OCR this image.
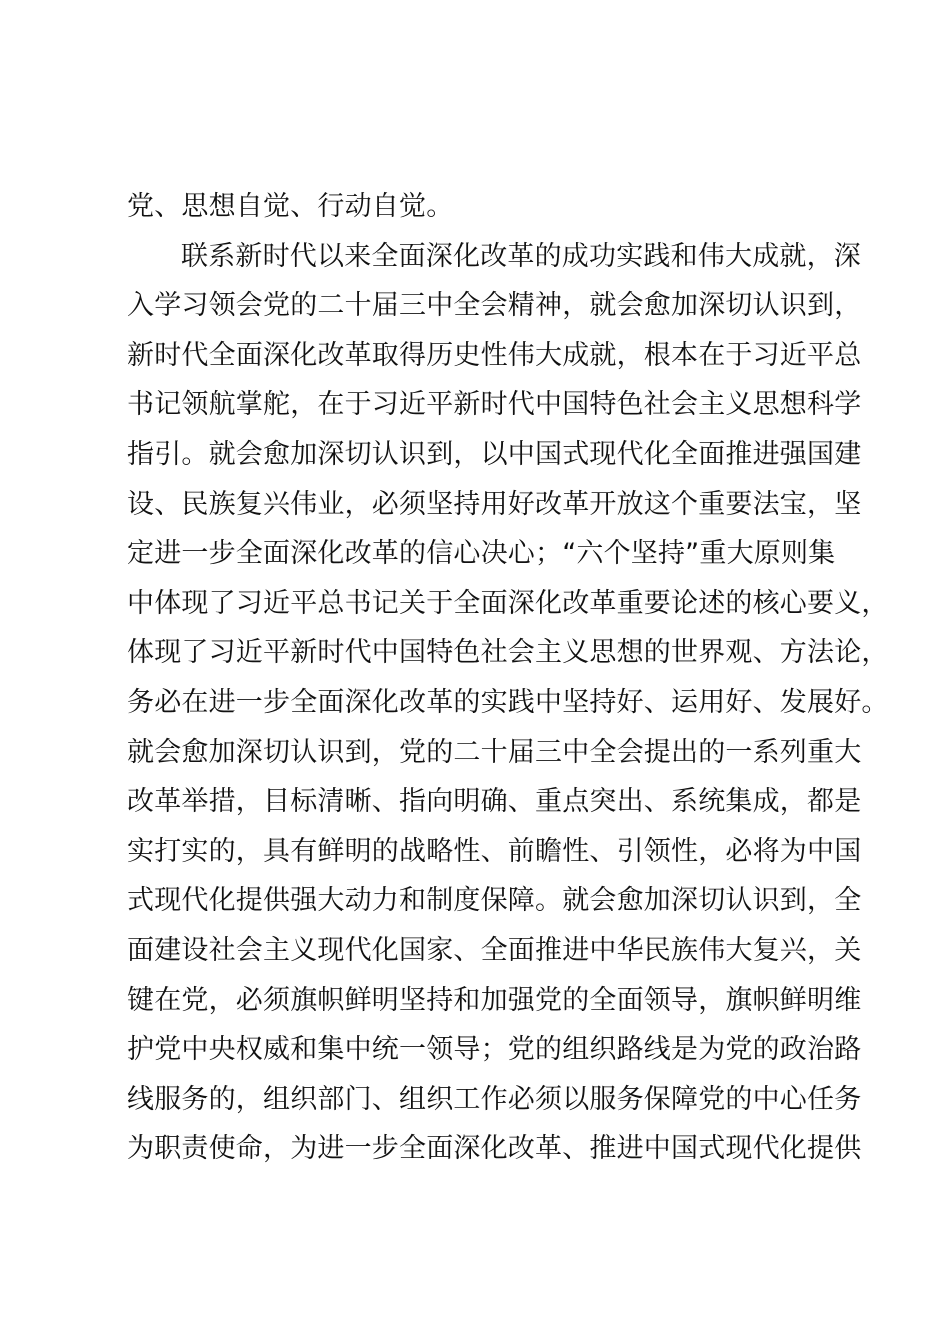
党、思想自觉、行动自觉。
联系新时代以来全面深化改革的成功实践和伟大成就，深
入学习领会党的二十届三中全会精神，就会愈加深切认识到，
新时代全面深化改革取得历史性伟大成就，根本在于习近平总
书记领航掌舵，在于习近平新时代中国特色社会主义思想科学
指引。就会愈加深切认识到，以中国式现代化全面推进强国建
设、民族复兴伟业，必须坚持用好改革开放这个重要法宝，坚
定进一步全面深化改革的信心决心；“六个坚持”重大原则集
中体现了习近平总书记关于全面深化改革重要论述的核心要义，
体现了习近平新时代中国特色社会主义思想的世界观、方法论，
务必在进一步全面深化改革的实践中坚持好、运用好、发展好。
就会愈加深切认识到，党的二十届三中全会提出的一系列重大
改革举措，目标清晰、指向明确、重点突出、系统集成，都是
实打实的，具有鲜明的战略性、前瞻性、引领性，必将为中国
式现代化提供强大动力和制度保障。就会愈加深切认识到，全
面建设社会主义现代化国家、全面推进中华民族伟大复兴，关
键在党，必须旗帜鲜明坚持和加强党的全面领导，旗帜鲜明维
护党中央权威和集中统一领导；党的组织路线是为党的政治路
线服务的，组织部门、组织工作必须以服务保障党的中心任务
为职责使命，为进一步全面深化改革、推进中国式现代化提供
